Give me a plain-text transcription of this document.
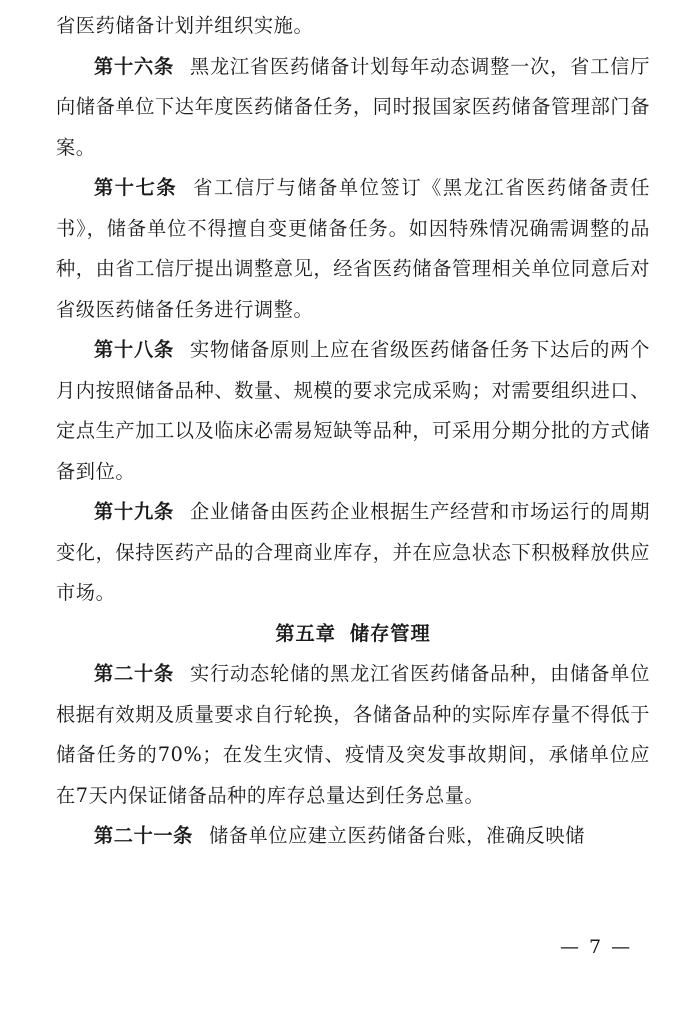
省医药储备计划并组织实施。

第十六条 黑龙江省医药储备计划每年动态调整一次，省工信厅向储备单位下达年度医药储备任务，同时报国家医药储备管理部门备案。

第十七条 省工信厅与储备单位签订《黑龙江省医药储备责任书》，储备单位不得擅自变更储备任务。如因特殊情况确需调整的品种，由省工信厅提出调整意见，经省医药储备管理相关单位同意后对省级医药储备任务进行调整。

第十八条 实物储备原则上应在省级医药储备任务下达后的两个月内按照储备品种、数量、规模的要求完成采购；对需要组织进口、定点生产加工以及临床必需易短缺等品种，可采用分期分批的方式储备到位。

第十九条 企业储备由医药企业根据生产经营和市场运行的周期变化，保持医药产品的合理商业库存，并在应急状态下积极释放供应市场。

第五章 储存管理

第二十条 实行动态轮储的黑龙江省医药储备品种，由储备单位根据有效期及质量要求自行轮换，各储备品种的实际库存量不得低于储备任务的70%；在发生灾情、疫情及突发事故期间，承储单位应在7天内保证储备品种的库存总量达到任务总量。

第二十一条 储备单位应建立医药储备台账，准确反映储

— 7 —
